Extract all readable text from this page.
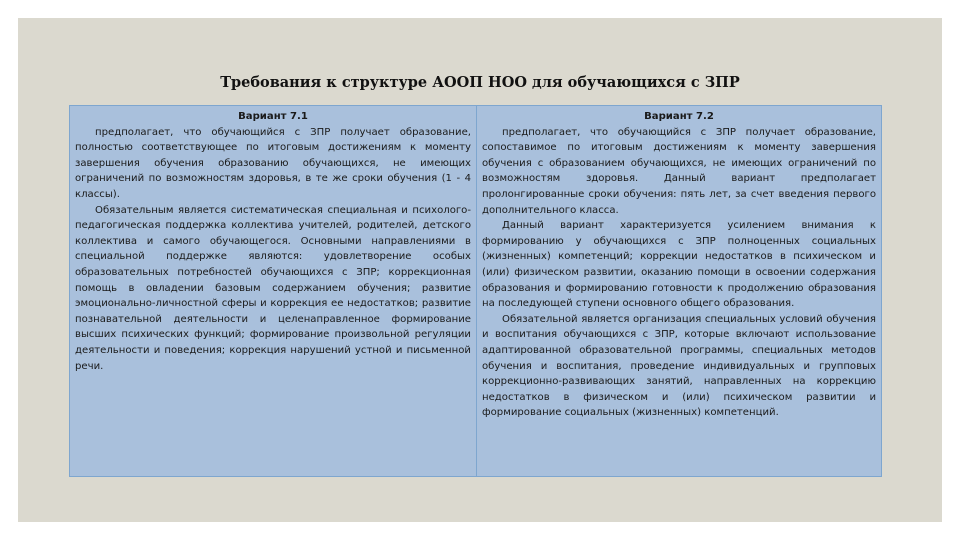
Требования к структуре АООП НОО для обучающихся с ЗПР
Вариант 7.1

предполагает, что обучающийся с ЗПР получает образование, полностью соответствующее по итоговым достижениям к моменту завершения обучения образованию обучающихся, не имеющих ограничений по возможностям здоровья, в те же сроки обучения (1 - 4 классы).

Обязательным является систематическая специальная и психолого-педагогическая поддержка коллектива учителей, родителей, детского коллектива и самого обучающегося. Основными направлениями в специальной поддержке являются: удовлетворение особых образовательных потребностей обучающихся с ЗПР; коррекционная помощь в овладении базовым содержанием обучения; развитие эмоционально-личностной сферы и коррекция ее недостатков; развитие познавательной деятельности и целенаправленное формирование высших психических функций; формирование произвольной регуляции деятельности и поведения; коррекция нарушений устной и письменной речи.

Вариант 7.2

предполагает, что обучающийся с ЗПР получает образование, сопоставимое по итоговым достижениям к моменту завершения обучения с образованием обучающихся, не имеющих ограничений по возможностям здоровья. Данный вариант предполагает пролонгированные сроки обучения: пять лет, за счет введения первого дополнительного класса.

Данный вариант характеризуется усилением внимания к формированию у обучающихся с ЗПР полноценных социальных (жизненных) компетенций; коррекции недостатков в психическом и (или) физическом развитии, оказанию помощи в освоении содержания образования и формированию готовности к продолжению образования на последующей ступени основного общего образования.

Обязательной является организация специальных условий обучения и воспитания обучающихся с ЗПР, которые включают использование адаптированной образовательной программы, специальных методов обучения и воспитания, проведение индивидуальных и групповых коррекционно-развивающих занятий, направленных на коррекцию недостатков в физическом и (или) психическом развитии и формирование социальных (жизненных) компетенций.
